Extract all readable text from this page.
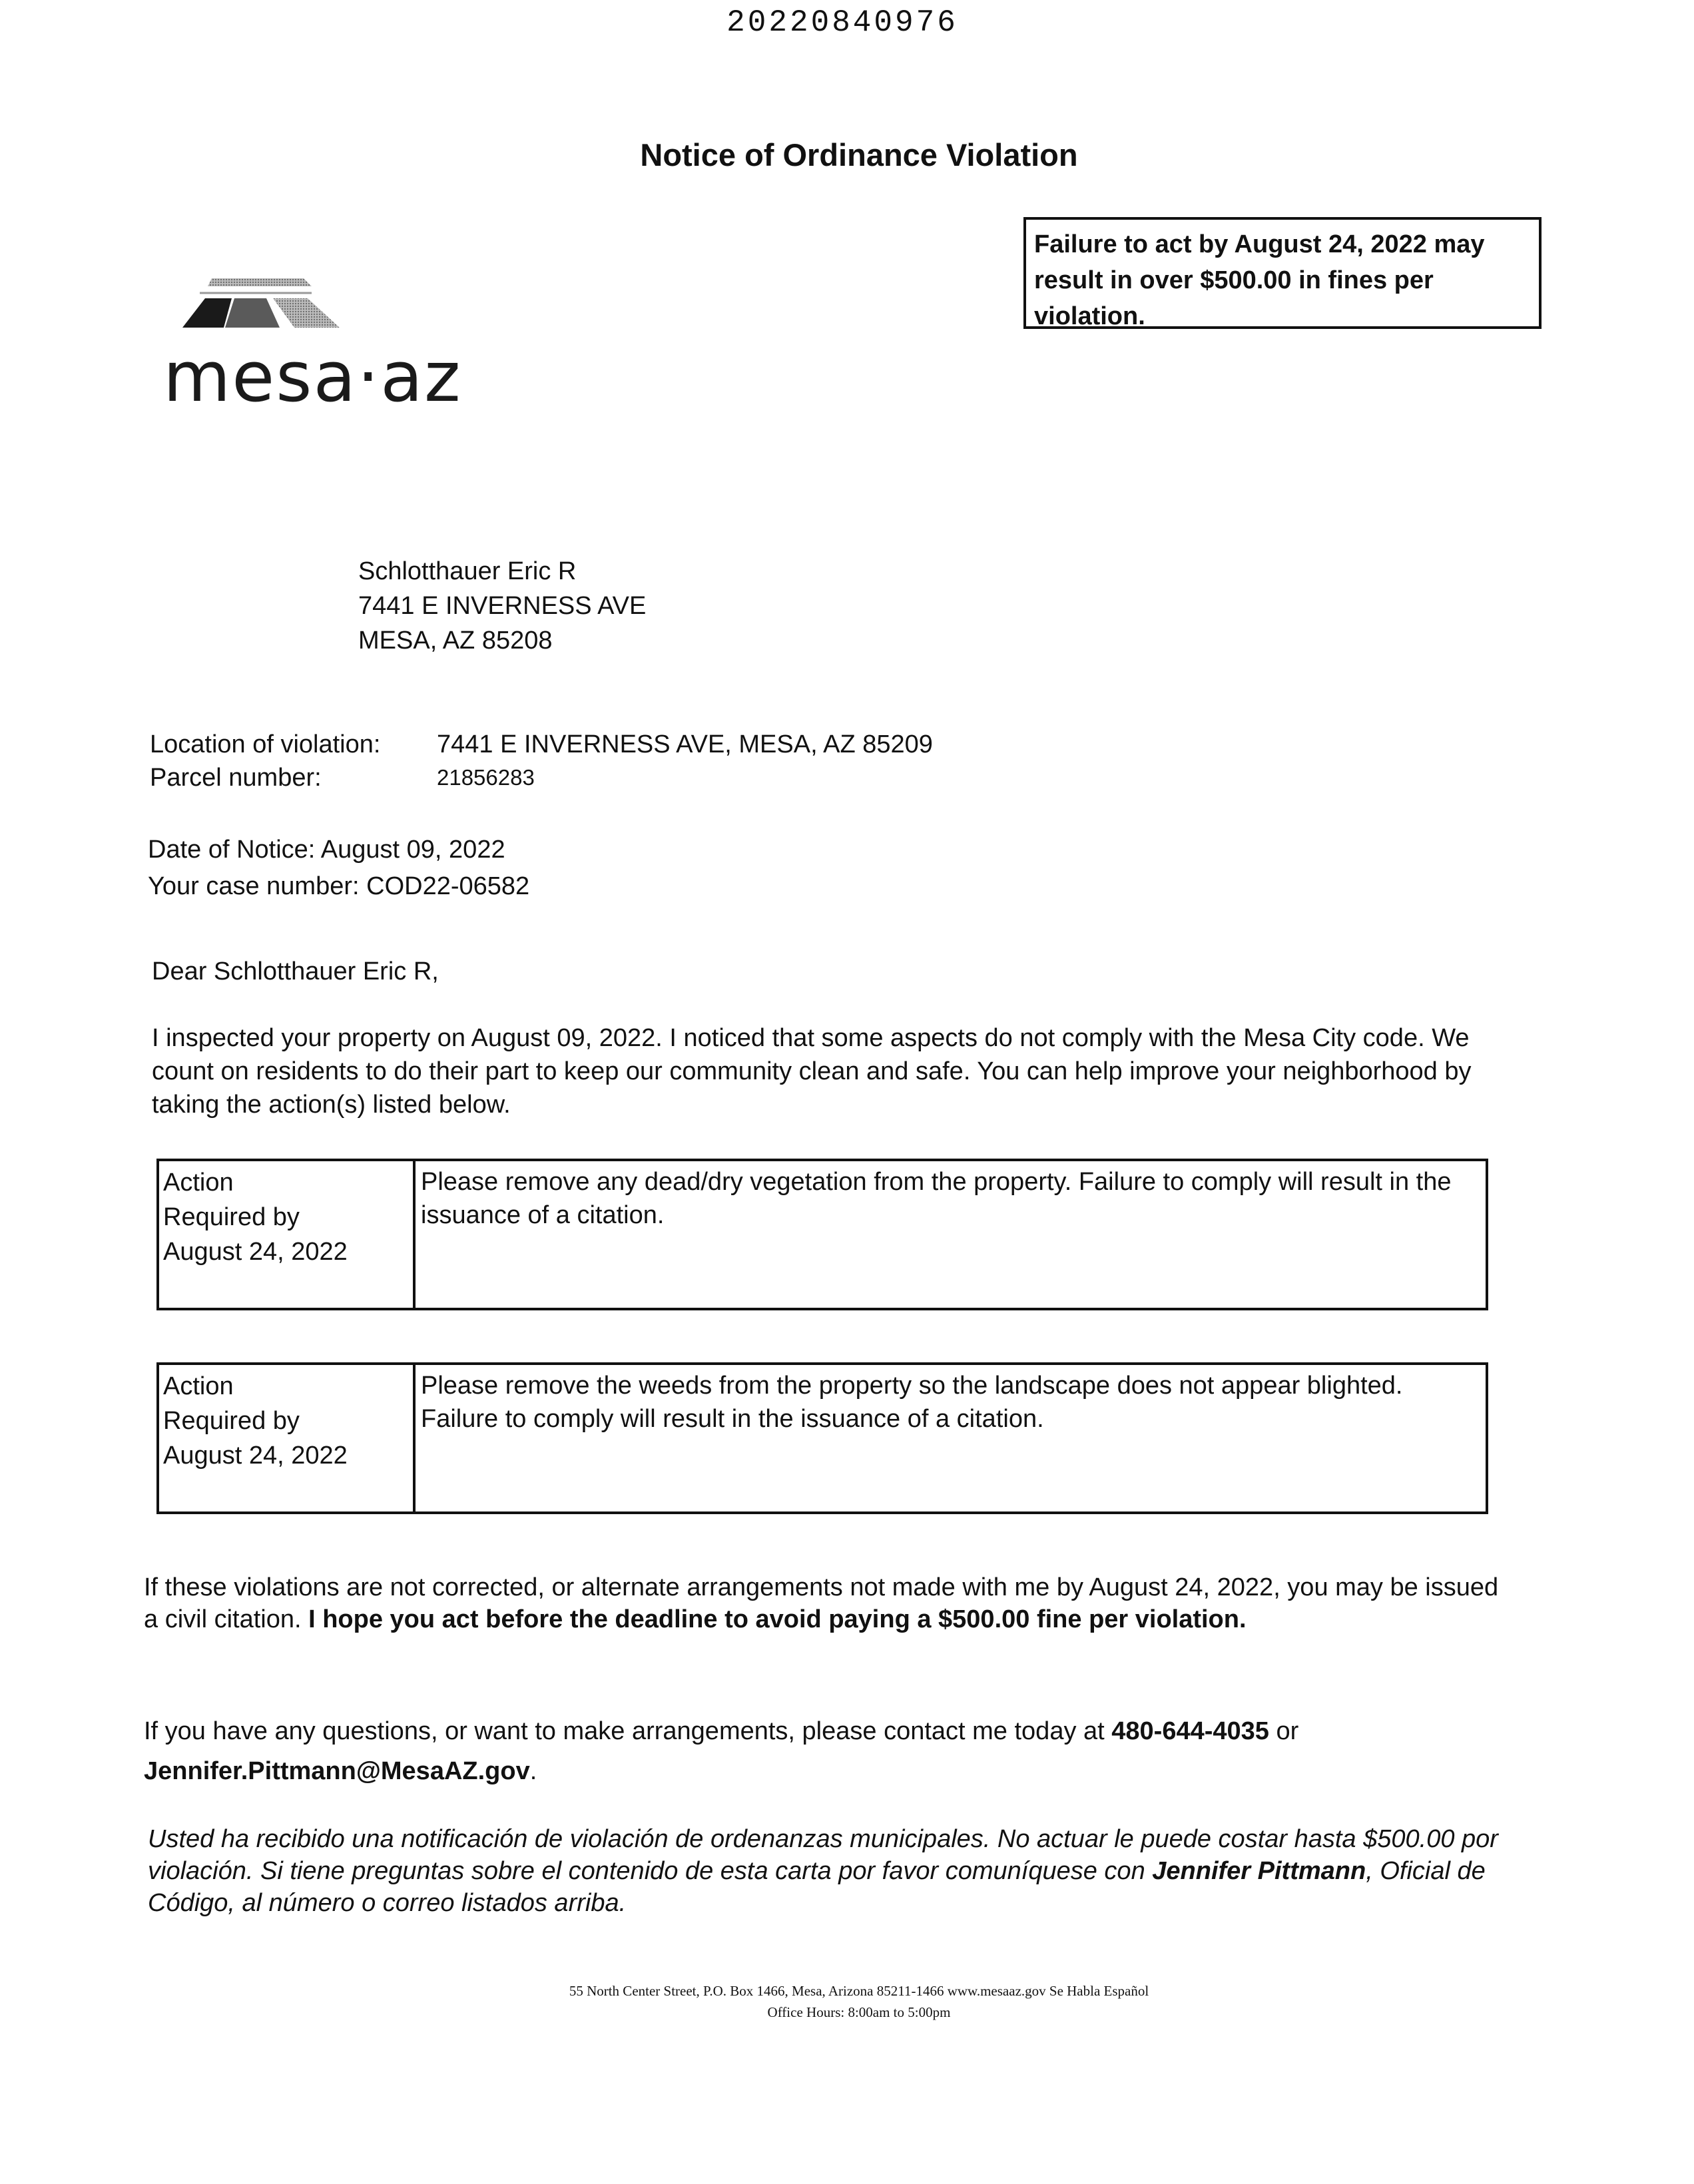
20220840976
Notice of Ordinance Violation
Failure to act by August 24, 2022 may result in over $500.00 in fines per violation.
mesa·az
Schlotthauer Eric R
7441 E INVERNESS AVE
MESA, AZ 85208
Location of violation: 7441 E INVERNESS AVE, MESA, AZ 85209
Parcel number:	21856283
Date of Notice: August 09, 2022
Your case number: COD22-06582
Dear Schlotthauer Eric R,
I inspected your property on August 09, 2022. I noticed that some aspects do not comply with the Mesa City code. We count on residents to do their part to keep our community clean and safe. You can help improve your neighborhood by taking the action(s) listed below.
Action
Required by
August 24, 2022
Please remove any dead/dry vegetation from the property. Failure to comply will result in the issuance of a citation.
Action
Required by
August 24, 2022
Please remove the weeds from the property so the landscape does not appear blighted. Failure to comply will result in the issuance of a citation.
If these violations are not corrected, or alternate arrangements not made with me by August 24, 2022, you may be issued a civil citation. I hope you act before the deadline to avoid paying a $500.00 fine per violation.
If you have any questions, or want to make arrangements, please contact me today at 480-644-4035 or
Jennifer.Pittmann@MesaAZ.gov.
Usted ha recibido una notificación de violación de ordenanzas municipales. No actuar le puede costar hasta $500.00 por violación. Si tiene preguntas sobre el contenido de esta carta por favor comuníquese con Jennifer Pittmann, Oficial de Código, al número o correo listados arriba.
55 North Center Street, P.O. Box 1466, Mesa, Arizona 85211-1466 www.mesaaz.gov Se Habla Español
Office Hours: 8:00am to 5:00pm
